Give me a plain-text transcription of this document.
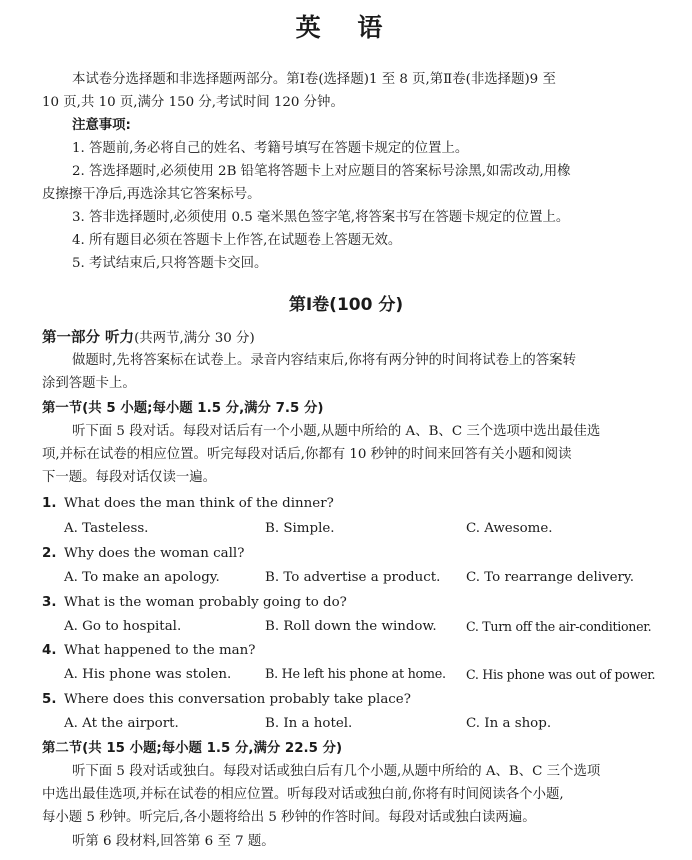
英 语
本试卷分选择题和非选择题两部分。第Ⅰ卷(选择题)1 至 8 页,第Ⅱ卷(非选择题)9 至
10 页,共 10 页,满分 150 分,考试时间 120 分钟。
注意事项:
1. 答题前,务必将自己的姓名、考籍号填写在答题卡规定的位置上。
2. 答选择题时,必须使用 2B 铅笔将答题卡上对应题目的答案标号涂黑,如需改动,用橡
皮擦擦干净后,再选涂其它答案标号。
3. 答非选择题时,必须使用 0.5 毫米黑色签字笔,将答案书写在答题卡规定的位置上。
4. 所有题目必须在答题卡上作答,在试题卷上答题无效。
5. 考试结束后,只将答题卡交回。
第Ⅰ卷(100 分)
第一部分 听力(共两节,满分 30 分)
做题时,先将答案标在试卷上。录音内容结束后,你将有两分钟的时间将试卷上的答案转
涂到答题卡上。
第一节(共 5 小题;每小题 1.5 分,满分 7.5 分)
听下面 5 段对话。每段对话后有一个小题,从题中所给的 A、B、C 三个选项中选出最佳选
项,并标在试卷的相应位置。听完每段对话后,你都有 10 秒钟的时间来回答有关小题和阅读
下一题。每段对话仅读一遍。
1. What does the man think of the dinner?
A. Tasteless.	B. Simple.	C. Awesome.
2. Why does the woman call?
A. To make an apology.	B. To advertise a product. C. To rearrange delivery.
3. What is the woman probably going to do?
A. Go to hospital.	B. Roll down the window. C. Turn off the air-conditioner.
4. What happened to the man?
A. His phone was stolen.	B. He left his phone at home. C. His phone was out of power.
5. Where does this conversation probably take place?
A. At the airport.	B. In a hotel.	C. In a shop.
第二节(共 15 小题;每小题 1.5 分,满分 22.5 分)
听下面 5 段对话或独白。每段对话或独白后有几个小题,从题中所给的 A、B、C 三个选项
中选出最佳选项,并标在试卷的相应位置。听每段对话或独白前,你将有时间阅读各个小题,
每小题 5 秒钟。听完后,各小题将给出 5 秒钟的作答时间。每段对话或独白读两遍。
听第 6 段材料,回答第 6 至 7 题。
